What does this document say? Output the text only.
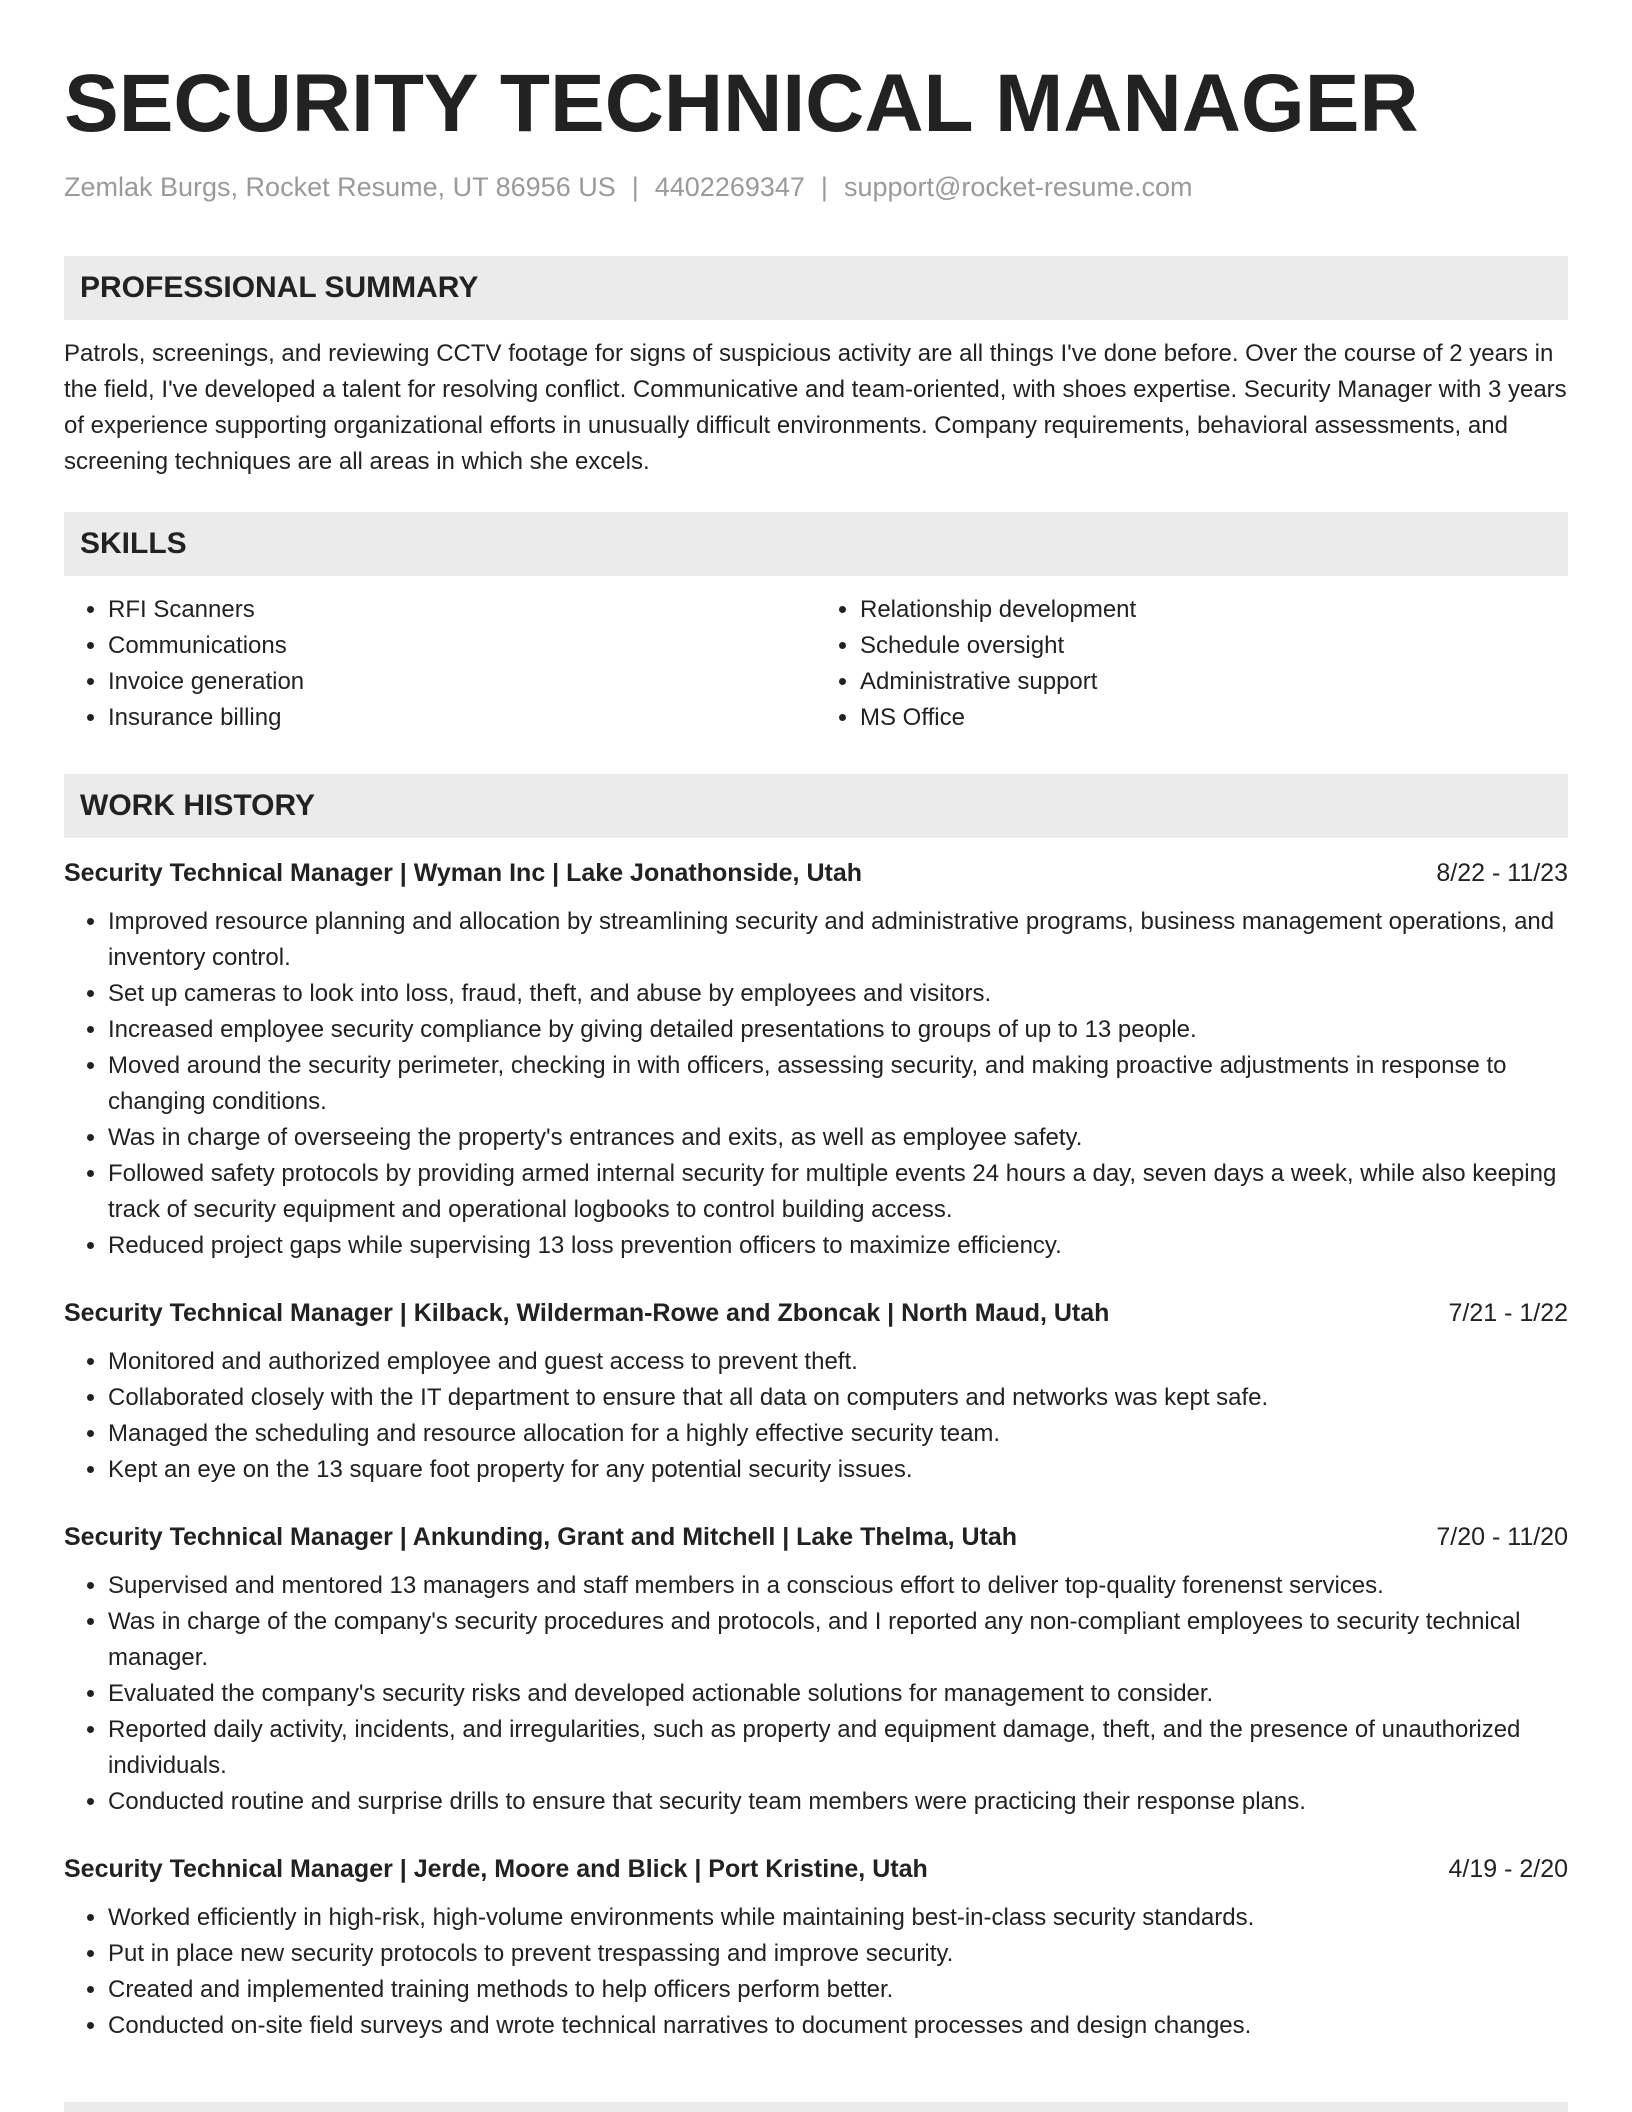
SECURITY TECHNICAL MANAGER
Zemlak Burgs, Rocket Resume, UT 86956 US | 4402269347 | support@rocket-resume.com
PROFESSIONAL SUMMARY

Patrols, screenings, and reviewing CCTV footage for signs of suspicious activity are all things I've done before. Over the course of 2 years in the field, I've developed a talent for resolving conflict. Communicative and team-oriented, with shoes expertise. Security Manager with 3 years of experience supporting organizational efforts in unusually difficult environments. Company requirements, behavioral assessments, and screening techniques are all areas in which she excels.

SKILLS
• RFI Scanners
• Communications
• Invoice generation
• Insurance billing
• Relationship development
• Schedule oversight
• Administrative support
• MS Office
WORK HISTORY
Security Technical Manager | Wyman Inc | Lake Jonathonside, Utah	8/22 - 11/23
• Improved resource planning and allocation by streamlining security and administrative programs, business management operations, and inventory control.
• Set up cameras to look into loss, fraud, theft, and abuse by employees and visitors.
• Increased employee security compliance by giving detailed presentations to groups of up to 13 people.
• Moved around the security perimeter, checking in with officers, assessing security, and making proactive adjustments in response to changing conditions.
• Was in charge of overseeing the property's entrances and exits, as well as employee safety.
• Followed safety protocols by providing armed internal security for multiple events 24 hours a day, seven days a week, while also keeping track of security equipment and operational logbooks to control building access.
• Reduced project gaps while supervising 13 loss prevention officers to maximize efficiency.
Security Technical Manager | Kilback, Wilderman-Rowe and Zboncak | North Maud, Utah	7/21 - 1/22
• Monitored and authorized employee and guest access to prevent theft.
• Collaborated closely with the IT department to ensure that all data on computers and networks was kept safe.
• Managed the scheduling and resource allocation for a highly effective security team.
• Kept an eye on the 13 square foot property for any potential security issues.
Security Technical Manager | Ankunding, Grant and Mitchell | Lake Thelma, Utah	7/20 - 11/20
• Supervised and mentored 13 managers and staff members in a conscious effort to deliver top-quality forenenst services.
• Was in charge of the company's security procedures and protocols, and I reported any non-compliant employees to security technical manager.
• Evaluated the company's security risks and developed actionable solutions for management to consider.
• Reported daily activity, incidents, and irregularities, such as property and equipment damage, theft, and the presence of unauthorized individuals.
• Conducted routine and surprise drills to ensure that security team members were practicing their response plans.
Security Technical Manager | Jerde, Moore and Blick | Port Kristine, Utah	4/19 - 2/20
• Worked efficiently in high-risk, high-volume environments while maintaining best-in-class security standards.
• Put in place new security protocols to prevent trespassing and improve security.
• Created and implemented training methods to help officers perform better.
• Conducted on-site field surveys and wrote technical narratives to document processes and design changes.
